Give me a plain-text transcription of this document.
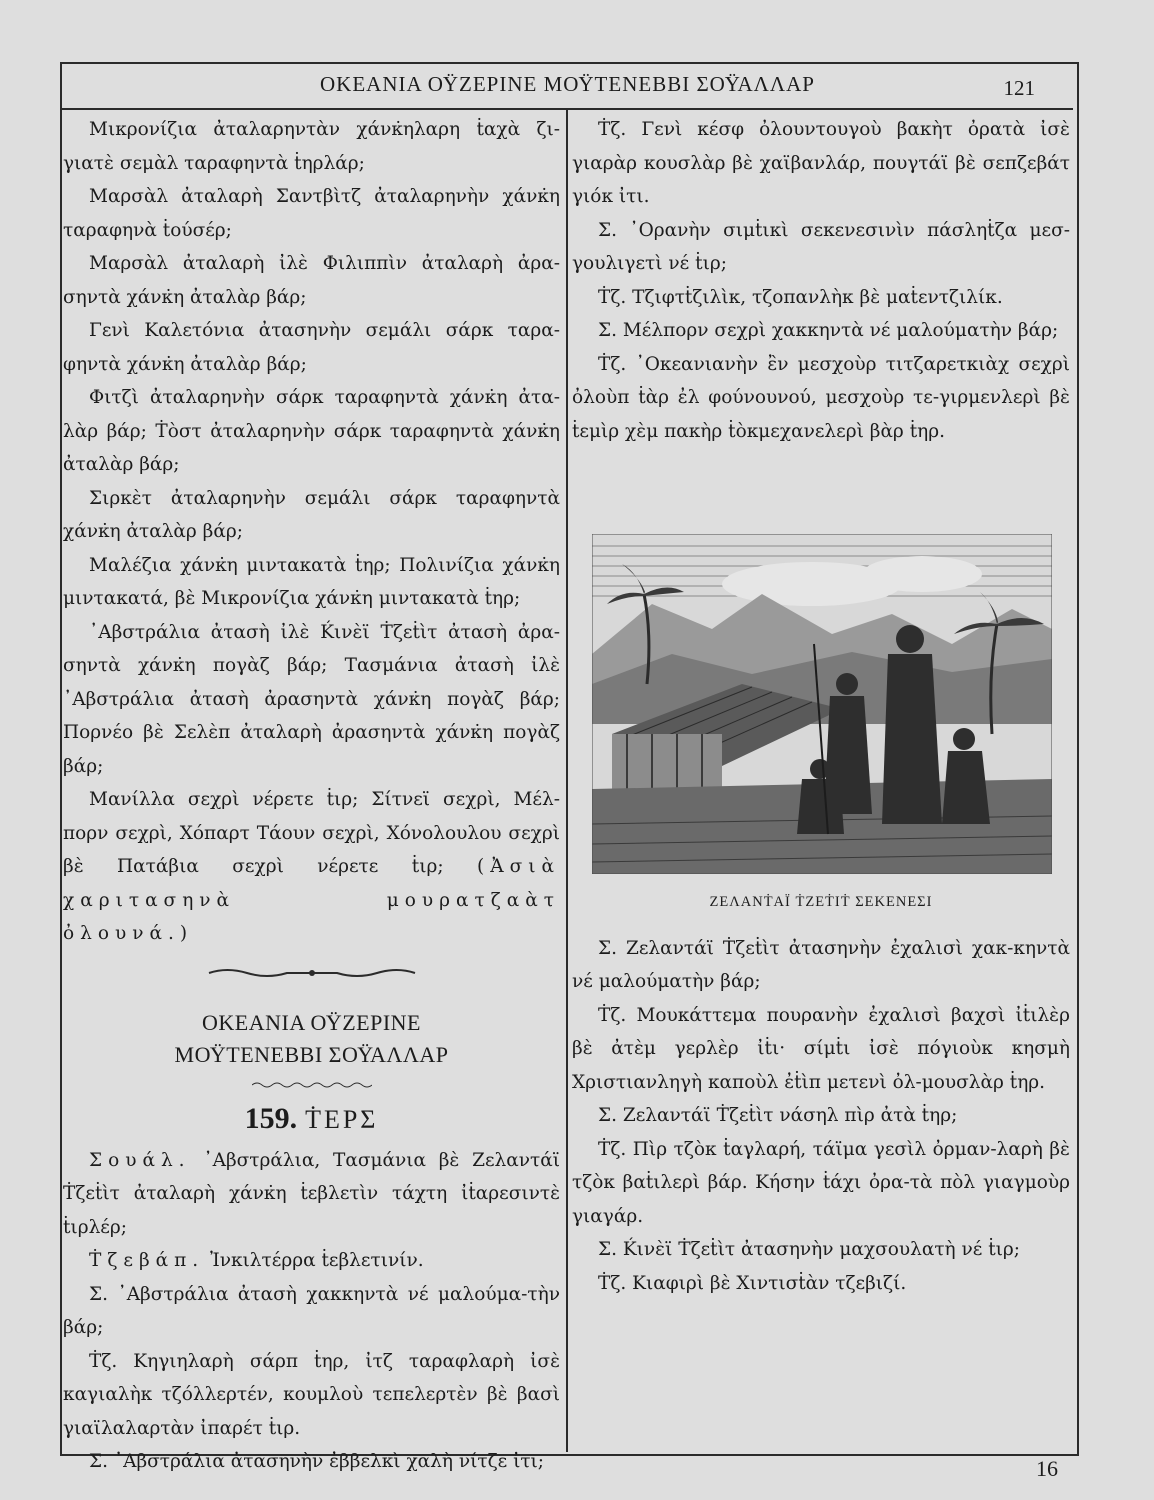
ΟΚΕΑΝΙΑ ΟΫΖΕΡΙΝΕ ΜΟΫΤΕΝΕΒΒΙ ΣΟΫΑΛΛΑΡ	121

Μικρονίζια ἀταλαρηντὰν χάνκ̇ηλαρη ṫαχὰ ζι-γιατὲ σεμὰλ ταραφηντὰ ṫηρλάρ;

Μαρσὰλ ἀταλαρὴ Σαντβὶτζ ἀταλαρηνὴν χάνκ̇η ταραφηνὰ ṫούσέρ;

Μαρσὰλ ἀταλαρὴ ἰλὲ Φιλιππὶν ἀταλαρὴ ἀρα-σηντὰ χάνκ̇η ἀταλὰρ βάρ;

Γενὶ Καλετόνια ἀτασηνὴν σεμάλι σάρκ ταρα-φηντὰ χάνκ̇η ἀταλὰρ βάρ;

Φιτζὶ ἀταλαρηνὴν σάρκ ταραφηντὰ χάνκ̇η ἀτα-λὰρ βάρ; Ṫὸστ ἀταλαρηνὴν σάρκ ταραφηντὰ χάνκ̇η ἀταλὰρ βάρ;

Σιρκὲτ ἀταλαρηνὴν σεμάλι σάρκ ταραφηντὰ χάνκ̇η ἀταλὰρ βάρ;

Μαλέζια χάνκ̇η μιντακατὰ ṫηρ; Πολινίζια χάνκ̇η μιντακατά, βὲ Μικρονίζια χάνκ̇η μιντακατὰ ṫηρ;

᾿Αβστράλια ἀτασὴ ἰλὲ Ḱινὲϊ Ṫζεṫὶτ ἀτασὴ ἀρα-σηντὰ χάνκ̇η πογὰζ βάρ; Τασμάνια ἀτασὴ ἰλὲ ᾿Αβστράλια ἀτασὴ ἀρασηντὰ χάνκ̇η πογὰζ βάρ; Πορνέο βὲ Σελὲπ ἀταλαρὴ ἀρασηντὰ χάνκ̇η πογὰζ βάρ;

Μανίλλα σεχρὶ νέρετε ṫιρ; Σίτνεϊ σεχρὶ, Μέλ-πορν σεχρὶ, Χόπαρτ Τάουν σεχρὶ, Χόνολουλου σεχρὶ βὲ Πατάβια σεχρὶ νέρετε ṫιρ; (Ἀσιὰ χαριτασηνὰ μουρατζαὰτ ὀλουνά.)

ΟΚΕΑΝΙΑ ΟΫΖΕΡΙΝΕ
ΜΟΫΤΕΝΕΒΒΙ ΣΟΫΑΛΛΑΡ
159. ṪΕΡΣ

Σουάλ. ᾿Αβστράλια, Τασμάνια βὲ Ζελαντάϊ Ṫζεṫὶτ ἀταλαρὴ χάνκ̇η ṫεβλετὶν τάχτη ἰṫαρεσιντὲ ṫιρλέρ;

Ṫζεβάπ. Ἰνκιλτέρρα ṫεβλετινίν.

Σ. ᾿Αβστράλια ἀτασὴ χακκηντὰ νέ μαλούμα-τὴν βάρ;

Ṫζ. Κηγιηλαρὴ σάρπ ṫηρ, ἰτζ ταραφλαρὴ ἰσὲ καγιαλὴκ τζόλλερτέν, κουμλοὺ τεπελερτὲν βὲ βασὶ γιαϊλαλαρτὰν ἰπαρέτ ṫιρ.

Σ. ᾿Αβστράλια ἀτασηνὴν ἐββελκὶ χαλὴ νίτζε ἰτι;

Ṫζ. Γενὶ κέσφ ὀλουντουγοὺ βακὴτ ὀρατὰ ἰσὲ γιαρὰρ κουσλὰρ βὲ χαϊβανλάρ, πουγτάϊ βὲ σεπζεβάτ γιόκ ἰτι.

Σ. ᾿Ορανὴν σιμṫικὶ σεκενεσινὶν πάσληṫζα μεσ-γουλιγετὶ νέ ṫιρ;

Ṫζ. Τζιφτṫζιλὶκ, τζοπανλὴκ βὲ μαṫεντζιλίκ.

Σ. Μέλπορν σεχρὶ χακκηντὰ νέ μαλούματὴν βάρ;

Ṫζ. ᾿Οκεανιανὴν ἒν μεσχοὺρ τιτζαρετκιὰχ σεχρὶ ὀλοὺπ ṫὰρ ἐλ φούνουνού, μεσχοὺρ τε-γιρμενλερὶ βὲ ṫεμὶρ χὲμ πακὴρ ṫὸκμεχανελερὶ βὰρ ṫηρ.

ΖΕΛΑΝṪΑΪ ṪΖΕṪΙṪ ΣΕΚΕΝΕΣΙ

Σ. Ζελαντάϊ Ṫζεṫὶτ ἀτασηνὴν ἐχαλισὶ χακ-κηντὰ νέ μαλούματὴν βάρ;

Ṫζ. Μουκάττεμα πουρανὴν ἐχαλισὶ βαχσὶ ἰṫιλὲρ βὲ ἀτὲμ γερλὲρ ἰṫι· σίμṫι ἰσὲ πόγιοὺκ κησμὴ Χριστιανληγὴ καποὺλ ἐṫὶπ μετενὶ ὀλ-μουσλὰρ ṫηρ.

Σ. Ζελαντάϊ Ṫζεṫὶτ νάσηλ πὶρ ἀτὰ ṫηρ;

Ṫζ. Πὶρ τζὸκ ṫαγλαρή, τάϊμα γεσὶλ ὀρμαν-λαρὴ βὲ τζὸκ βαṫιλερὶ βάρ. Κήσην ṫάχι ὀρα-τὰ πὸλ γιαγμοὺρ γιαγάρ.

Σ. Ḱινὲϊ Ṫζεṫὶτ ἀτασηνὴν μαχσουλατὴ νέ ṫιρ;

Ṫζ. Κιαφιρὶ βὲ Χιντισṫὰν τζεβιζί.

16
